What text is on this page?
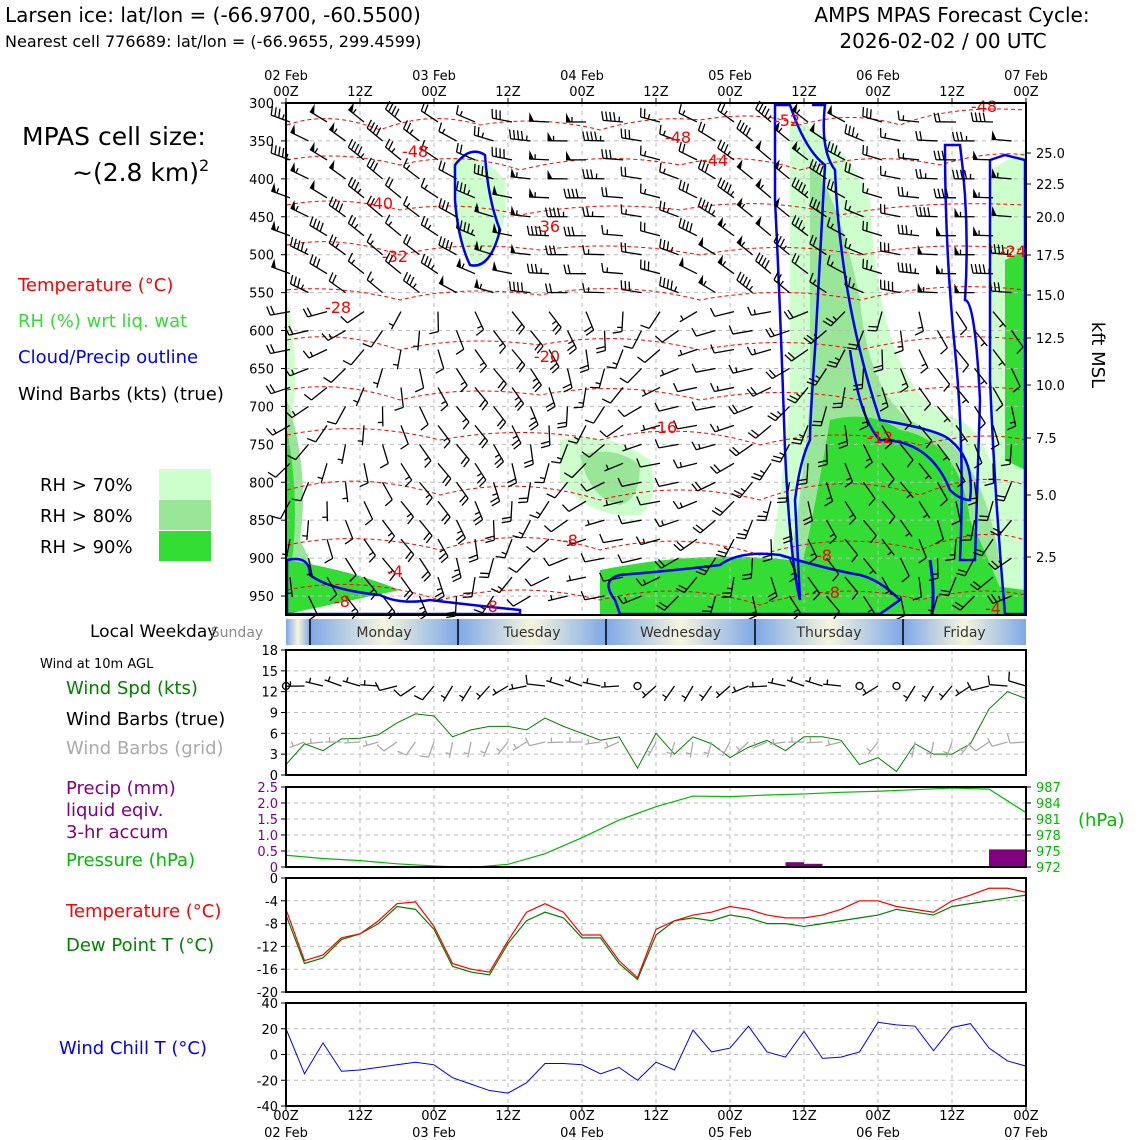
Larsen ice: lat/lon = (-66.9700, -60.5500)
Nearest cell 776689: lat/lon = (-66.9655, 299.4599)
AMPS MPAS Forecast Cycle:
2026-02-02 / 00 UTC
MPAS cell size:
~(2.8 km)$^2$
Temperature (°C)
RH (%) wrt liq. wat
Cloud/Precip outline
Wind Barbs (kts) (true)
RH > 70%
RH > 80%
RH > 90%
-52
-48
-48
-44
-48
-40
-36
-32
-28
-24
-20
-16
-12
-8
-8
-8
-4
-8	-8	-4
300
350
400
450
500
550
600
650
700
750
800
850
900
950
25.0
22.5
20.0
17.5
15.0
12.5
10.0
7.5
5.0
2.5
kft MSL
02 Feb
00Z	12Z
03 Feb
00Z	12Z
04 Feb
00Z	12Z
05 Feb
00Z	12Z
06 Feb
00Z	12Z
07 Feb
00Z
Local Weekday
Sunday	Monday	Tuesday	Wednesday	Thursday	Friday
Wind at 10m AGL
Wind Spd (kts)
Wind Barbs (true)
Wind Barbs (grid)
0
3
6
9
12
15
18
Precip (mm)
liquid eqiv.
3-hr accum
Pressure (hPa)
(hPa)
0
0.5
1.0
1.5
2.0
2.5
972
975
978
981
984
987
Temperature (°C)
Dew Point T (°C)
-20
-16
-12
-8
-4
0
Wind Chill T (°C)
-40
-20
0
20
40
00Z
02 Feb
12Z	00Z
03 Feb
12Z	00Z
04 Feb
12Z	00Z
05 Feb
12Z	00Z
06 Feb
12Z	00Z
07 Feb
